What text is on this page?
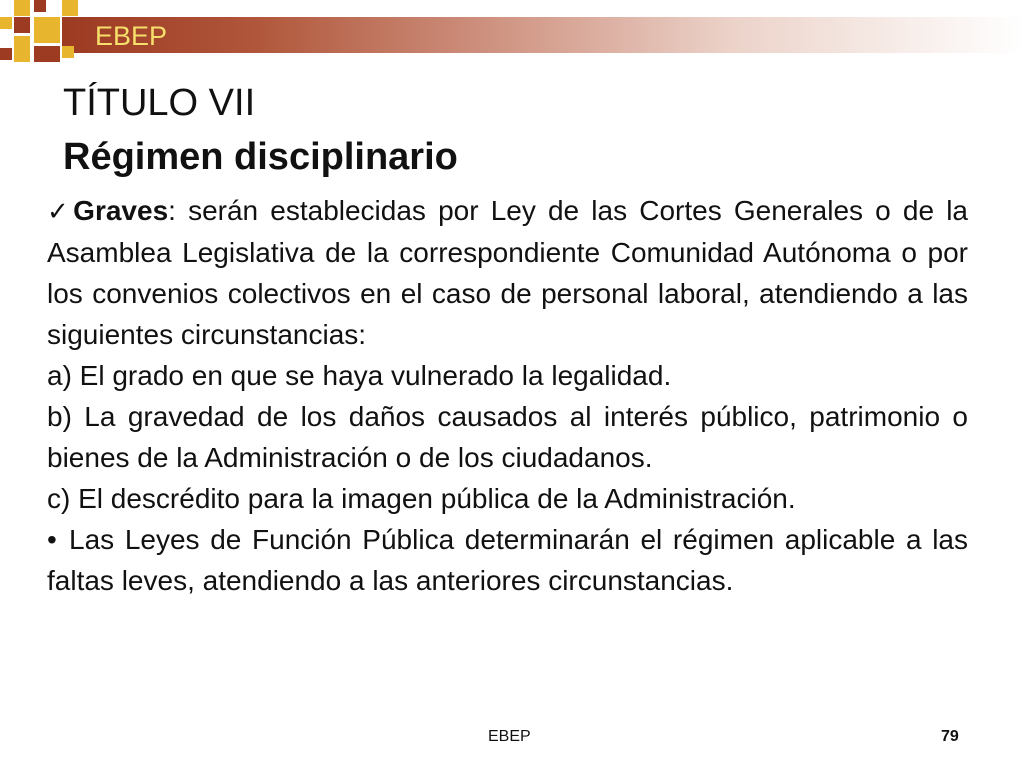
EBEP
TÍTULO VII
Régimen disciplinario

✓Graves: serán establecidas por Ley de las Cortes Generales o de la Asamblea Legislativa de la correspondiente Comunidad Autónoma o por los convenios colectivos en el caso de personal laboral, atendiendo a las siguientes circunstancias:

a) El grado en que se haya vulnerado la legalidad.

b) La gravedad de los daños causados al interés público, patrimonio o bienes de la Administración o de los ciudadanos.

c) El descrédito para la imagen pública de la Administración.

• Las Leyes de Función Pública determinarán el régimen aplicable a las faltas leves, atendiendo a las anteriores circunstancias.

EBEP	79
